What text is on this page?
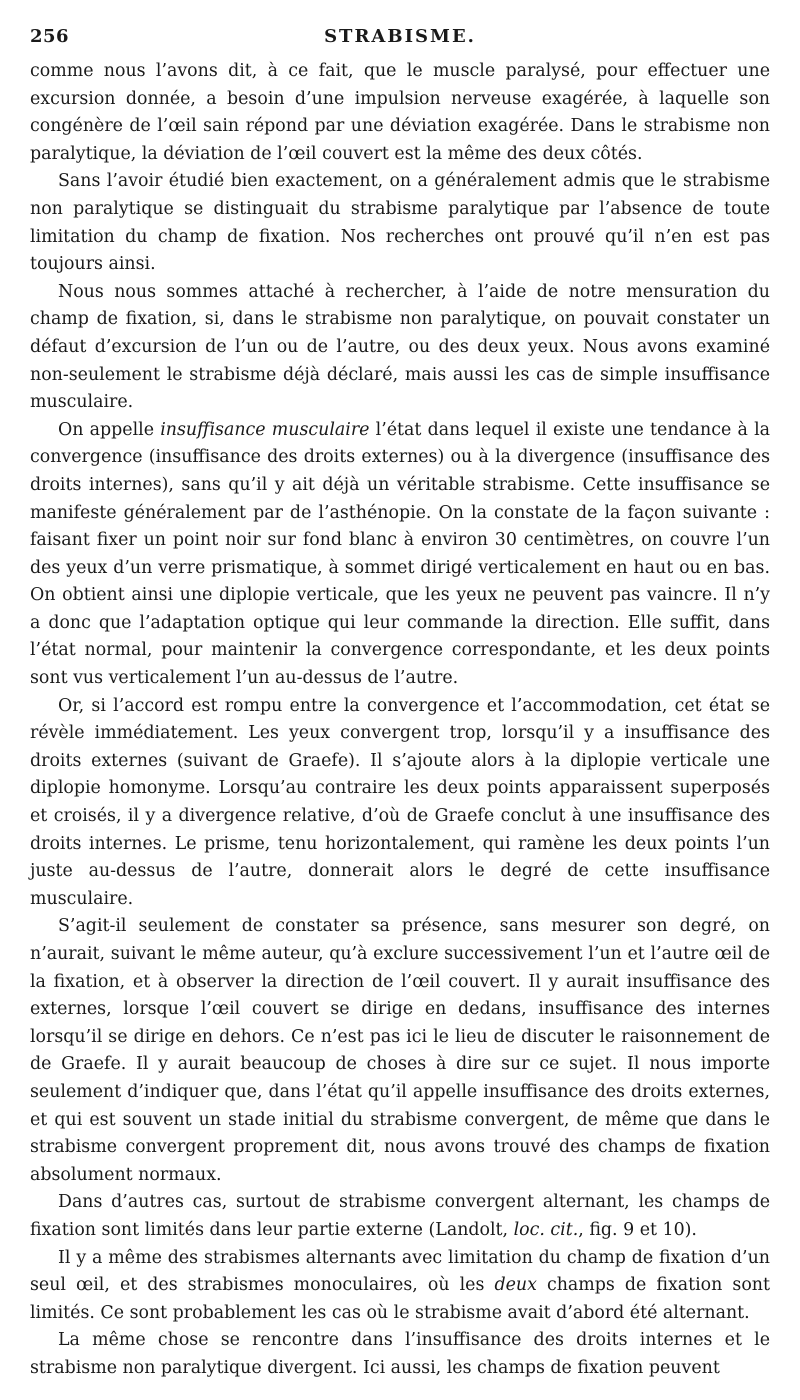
256	STRABISME.

comme nous l’avons dit, à ce fait, que le muscle paralysé, pour effectuer une excursion donnée, a besoin d’une impulsion nerveuse exagérée, à laquelle son congénère de l’œil sain répond par une déviation exagérée. Dans le strabisme non paralytique, la déviation de l’œil couvert est la même des deux côtés.

Sans l’avoir étudié bien exactement, on a généralement admis que le strabisme non paralytique se distinguait du strabisme paralytique par l’absence de toute limitation du champ de fixation. Nos recherches ont prouvé qu’il n’en est pas toujours ainsi.

Nous nous sommes attaché à rechercher, à l’aide de notre mensuration du champ de fixation, si, dans le strabisme non paralytique, on pouvait constater un défaut d’excursion de l’un ou de l’autre, ou des deux yeux. Nous avons examiné non-seulement le strabisme déjà déclaré, mais aussi les cas de simple insuffisance musculaire.

On appelle insuffisance musculaire l’état dans lequel il existe une tendance à la convergence (insuffisance des droits externes) ou à la divergence (insuffisance des droits internes), sans qu’il y ait déjà un véritable strabisme. Cette insuffisance se manifeste généralement par de l’asthénopie. On la constate de la façon suivante : faisant fixer un point noir sur fond blanc à environ 30 centimètres, on couvre l’un des yeux d’un verre prismatique, à sommet dirigé verticalement en haut ou en bas. On obtient ainsi une diplopie verticale, que les yeux ne peuvent pas vaincre. Il n’y a donc que l’adaptation optique qui leur commande la direction. Elle suffit, dans l’état normal, pour maintenir la convergence correspondante, et les deux points sont vus verticalement l’un au-dessus de l’autre.

Or, si l’accord est rompu entre la convergence et l’accommodation, cet état se révèle immédiatement. Les yeux convergent trop, lorsqu’il y a insuffisance des droits externes (suivant de Graefe). Il s’ajoute alors à la diplopie verticale une diplopie homonyme. Lorsqu’au contraire les deux points apparaissent superposés et croisés, il y a divergence relative, d’où de Graefe conclut à une insuffisance des droits internes. Le prisme, tenu horizontalement, qui ramène les deux points l’un juste au-dessus de l’autre, donnerait alors le degré de cette insuffisance musculaire.

S’agit-il seulement de constater sa présence, sans mesurer son degré, on n’aurait, suivant le même auteur, qu’à exclure successivement l’un et l’autre œil de la fixation, et à observer la direction de l’œil couvert. Il y aurait insuffisance des externes, lorsque l’œil couvert se dirige en dedans, insuffisance des internes lorsqu’il se dirige en dehors. Ce n’est pas ici le lieu de discuter le raisonnement de de Graefe. Il y aurait beaucoup de choses à dire sur ce sujet. Il nous importe seulement d’indiquer que, dans l’état qu’il appelle insuffisance des droits externes, et qui est souvent un stade initial du strabisme convergent, de même que dans le strabisme convergent proprement dit, nous avons trouvé des champs de fixation absolument normaux.

Dans d’autres cas, surtout de strabisme convergent alternant, les champs de fixation sont limités dans leur partie externe (Landolt, loc. cit., fig. 9 et 10).

Il y a même des strabismes alternants avec limitation du champ de fixation d’un seul œil, et des strabismes monoculaires, où les deux champs de fixation sont limités. Ce sont probablement les cas où le strabisme avait d’abord été alternant.

La même chose se rencontre dans l’insuffisance des droits internes et le strabisme non paralytique divergent. Ici aussi, les champs de fixation peuvent
